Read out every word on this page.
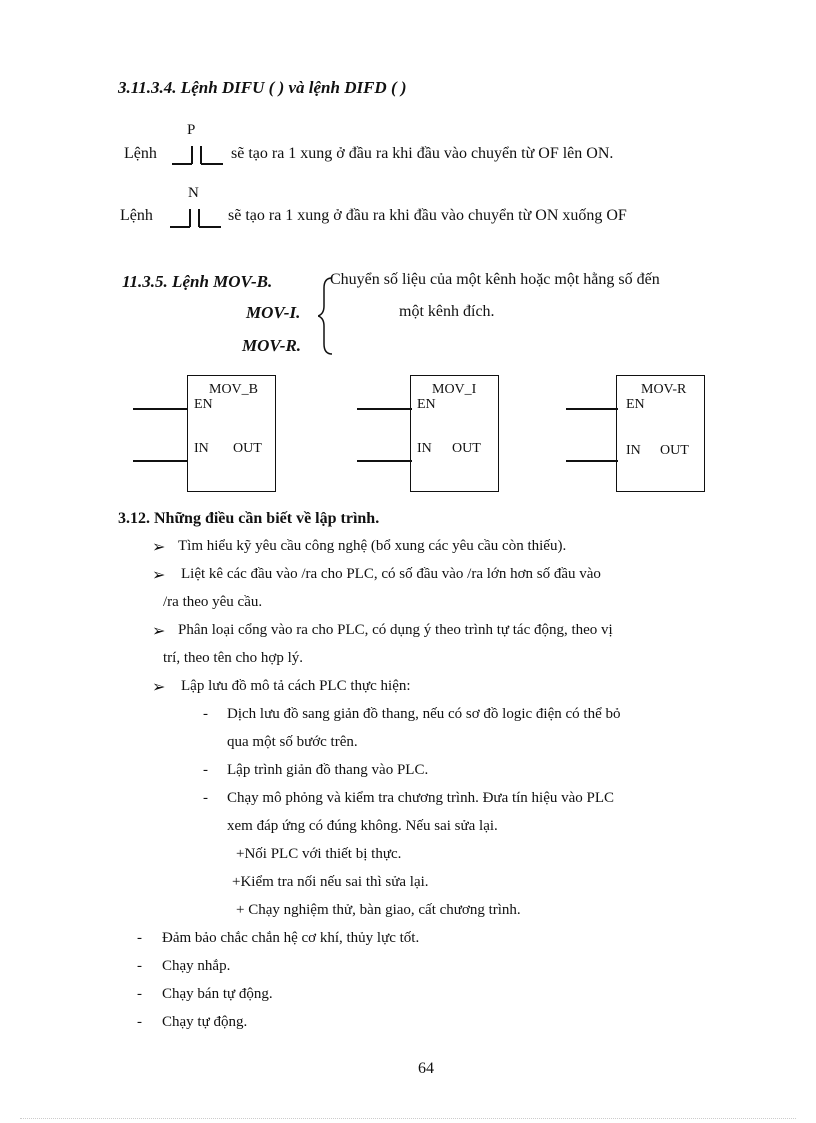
3.11.3.4. Lệnh DIFU ( ) và lệnh DIFD ( )
Lệnh
P
sẽ tạo ra 1 xung ở đầu ra khi đầu vào chuyển từ OF lên ON.
Lệnh
N
sẽ tạo ra 1 xung ở đầu ra khi đầu vào chuyển từ ON xuống OF
11.3.5. Lệnh MOV-B.
MOV-I.
MOV-R.
Chuyển số liệu của một kênh hoặc một hằng số đến
một kênh đích.
MOV_B
EN
IN OUT
MOV_I
EN
IN OUT
MOV-R
EN
IN OUT
3.12. Những điều cần biết về lập trình.
➢ Tìm hiểu kỹ yêu cầu công nghệ (bổ xung các yêu cầu còn thiếu).
➢ Liệt kê các đầu vào /ra cho PLC, có số đầu vào /ra lớn hơn số đầu vào
/ra theo yêu cầu.
➢ Phân loại cổng vào ra cho PLC, có dụng ý theo trình tự tác động, theo vị
trí, theo tên cho hợp lý.
➢ Lập lưu đồ mô tả cách PLC thực hiện:
- Dịch lưu đồ sang giản đồ thang, nếu có sơ đồ logic điện có thể bỏ
qua một số bước trên.
- Lập trình giản đồ thang vào PLC.
- Chạy mô phỏng và kiểm tra chương trình. Đưa tín hiệu vào PLC
xem đáp ứng có đúng không. Nếu sai sửa lại.
+Nối PLC với thiết bị thực.
+Kiểm tra nối nếu sai thì sửa lại.
+ Chạy nghiệm thử, bàn giao, cất chương trình.
- Đảm bảo chắc chắn hệ cơ khí, thủy lực tốt.
- Chạy nhắp.
- Chạy bán tự động.
- Chạy tự động.
64
